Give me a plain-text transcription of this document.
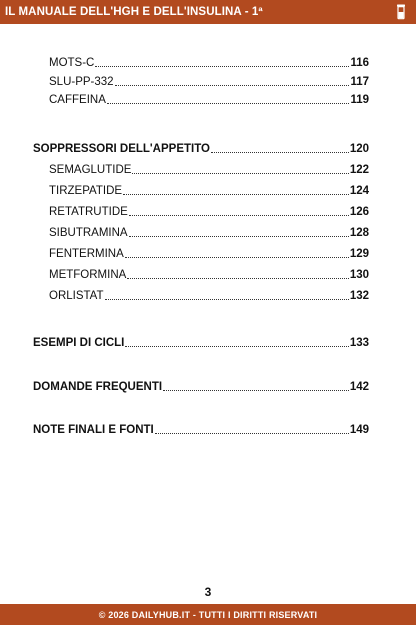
IL MANUALE DELL'HGH E DELL'INSULINA - 1ª
MOTS-C	116
SLU-PP-332	117
CAFFEINA	119
SOPPRESSORI DELL'APPETITO	120
SEMAGLUTIDE	122
TIRZEPATIDE	124
RETATRUTIDE	126
SIBUTRAMINA	128
FENTERMINA	129
METFORMINA	130
ORLISTAT	132
ESEMPI DI CICLI	133
DOMANDE FREQUENTI	142
NOTE FINALI E FONTI	149
3
© 2026 DAILYHUB.IT - TUTTI I DIRITTI RISERVATI
